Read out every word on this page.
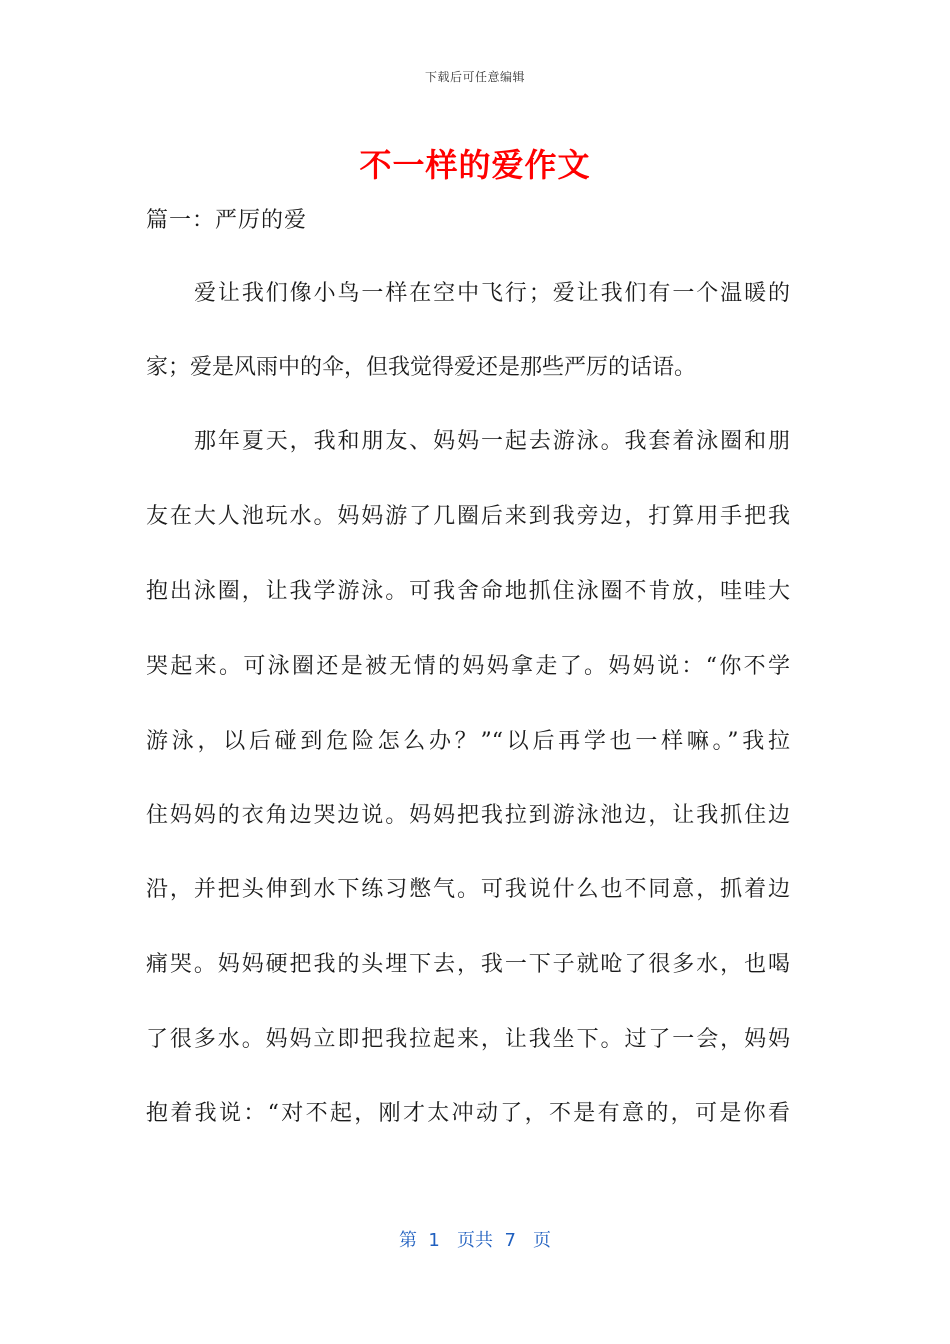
下载后可任意编辑
不一样的爱作文
篇一：严厉的爱
爱让我们像小鸟一样在空中飞行；爱让我们有一个温暖的
家；爱是风雨中的伞，但我觉得爱还是那些严厉的话语。
那年夏天，我和朋友、妈妈一起去游泳。我套着泳圈和朋
友在大人池玩水。妈妈游了几圈后来到我旁边，打算用手把我
抱出泳圈，让我学游泳。可我舍命地抓住泳圈不肯放，哇哇大
哭起来。可泳圈还是被无情的妈妈拿走了。妈妈说：“你不学
游泳，以后碰到危险怎么办？”“以后再学也一样嘛。”我拉
住妈妈的衣角边哭边说。妈妈把我拉到游泳池边，让我抓住边
沿，并把头伸到水下练习憋气。可我说什么也不同意，抓着边
痛哭。妈妈硬把我的头埋下去，我一下子就呛了很多水，也喝
了很多水。妈妈立即把我拉起来，让我坐下。过了一会，妈妈
抱着我说：“对不起，刚才太冲动了，不是有意的，可是你看
第  1   页共  7   页
